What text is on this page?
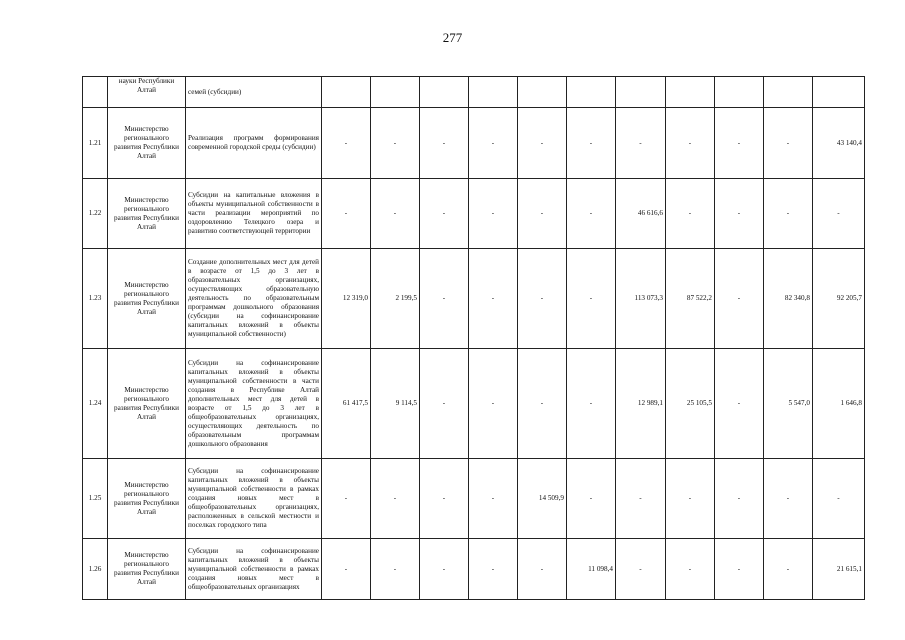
277
	науки Республики Алтай	семей (субсидии)											
1.21	Министерство регионального развития Республики Алтай	Реализация программ формирования современной городской среды (субсидии)	-	-	-	-	-	-	-	-	-	-	43 140,4
1.22	Министерство регионального развития Республики Алтай	Субсидии на капитальные вложения в объекты муниципальной собственности в части реализации мероприятий по оздоровлению Телецкого озера и развитию соответствующей территории	-	-	-	-	-	-	46 616,6	-	-	-	-
1.23	Министерство регионального развития Республики Алтай	Создание дополнительных мест для детей в возрасте от 1,5 до 3 лет в образовательных организациях, осуществляющих образовательную деятельность по образовательным программам дошкольного образования (субсидии на софинансирование капитальных вложений в объекты муниципальной собственности)	12 319,0	2 199,5	-	-	-	-	113 073,3	87 522,2	-	82 340,8	92 205,7
1.24	Министерство регионального развития Республики Алтай	Субсидии на софинансирование капитальных вложений в объекты муниципальной собственности в части создания в Республике Алтай дополнительных мест для детей в возрасте от 1,5 до 3 лет в общеобразовательных организациях, осуществляющих деятельность по образовательным программам дошкольного образования	61 417,5	9 114,5	-	-	-	-	12 989,1	25 105,5	-	5 547,0	1 646,8
1.25	Министерство регионального развития Республики Алтай	Субсидии на софинансирование капитальных вложений в объекты муниципальной собственности в рамках создания новых мест в общеобразовательных организациях, расположенных в сельской местности и поселках городского типа	-	-	-	-	14 509,9	-	-	-	-	-	-
1.26	Министерство регионального развития Республики Алтай	Субсидии на софинансирование капитальных вложений в объекты муниципальной собственности в рамках создания новых мест в общеобразовательных организациях	-	-	-	-	-	11 098,4	-	-	-	-	21 615,1
